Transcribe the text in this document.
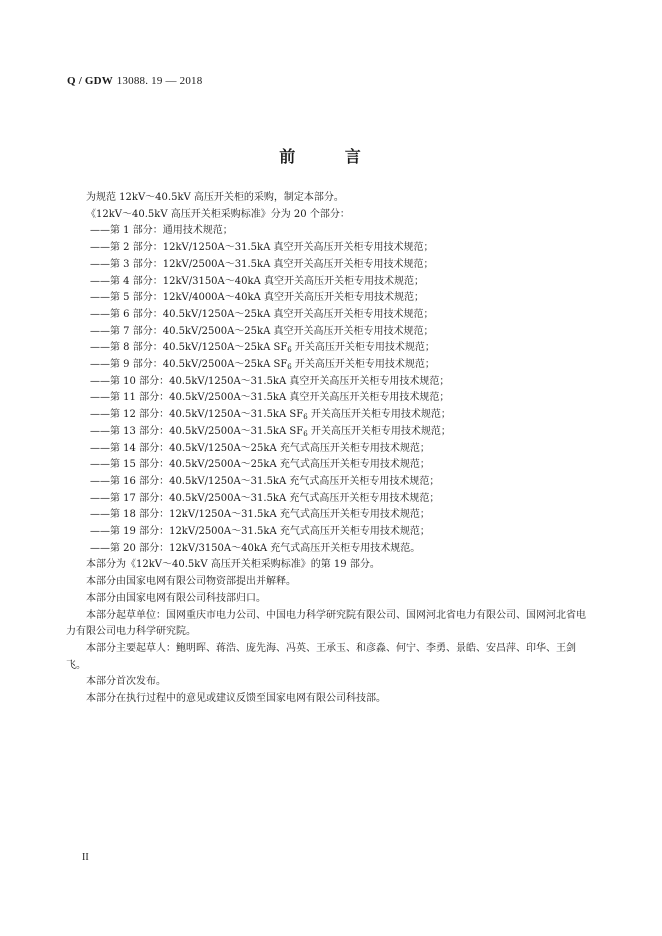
Q / GDW 13088. 19 — 2018
前 言
为规范 12kV～40.5kV 高压开关柜的采购，制定本部分。
《12kV～40.5kV 高压开关柜采购标准》分为 20 个部分：
——第 1 部分：通用技术规范；
——第 2 部分：12kV/1250A～31.5kA 真空开关高压开关柜专用技术规范；
——第 3 部分：12kV/2500A～31.5kA 真空开关高压开关柜专用技术规范；
——第 4 部分：12kV/3150A～40kA 真空开关高压开关柜专用技术规范；
——第 5 部分：12kV/4000A～40kA 真空开关高压开关柜专用技术规范；
——第 6 部分：40.5kV/1250A～25kA 真空开关高压开关柜专用技术规范；
——第 7 部分：40.5kV/2500A～25kA 真空开关高压开关柜专用技术规范；
——第 8 部分：40.5kV/1250A～25kA $SF_6$ 开关高压开关柜专用技术规范；
——第 9 部分：40.5kV/2500A～25kA $SF_6$ 开关高压开关柜专用技术规范；
——第 10 部分：40.5kV/1250A～31.5kA 真空开关高压开关柜专用技术规范；
——第 11 部分：40.5kV/2500A～31.5kA 真空开关高压开关柜专用技术规范；
——第 12 部分：40.5kV/1250A～31.5kA $SF_6$ 开关高压开关柜专用技术规范；
——第 13 部分：40.5kV/2500A～31.5kA $SF_6$ 开关高压开关柜专用技术规范；
——第 14 部分：40.5kV/1250A～25kA 充气式高压开关柜专用技术规范；
——第 15 部分：40.5kV/2500A～25kA 充气式高压开关柜专用技术规范；
——第 16 部分：40.5kV/1250A～31.5kA 充气式高压开关柜专用技术规范；
——第 17 部分：40.5kV/2500A～31.5kA 充气式高压开关柜专用技术规范；
——第 18 部分：12kV/1250A～31.5kA 充气式高压开关柜专用技术规范；
——第 19 部分：12kV/2500A～31.5kA 充气式高压开关柜专用技术规范；
——第 20 部分：12kV/3150A～40kA 充气式高压开关柜专用技术规范。
本部分为《12kV～40.5kV 高压开关柜采购标准》的第 19 部分。
本部分由国家电网有限公司物资部提出并解释。
本部分由国家电网有限公司科技部归口。
本部分起草单位：国网重庆市电力公司、中国电力科学研究院有限公司、国网河北省电力有限公司、国网河北省电力有限公司电力科学研究院。
本部分主要起草人：鲍明晖、蒋浩、庞先海、冯英、王承玉、和彦淼、何宁、李勇、景皓、安昌萍、印华、王剑飞。
本部分首次发布。
本部分在执行过程中的意见或建议反馈至国家电网有限公司科技部。
II
